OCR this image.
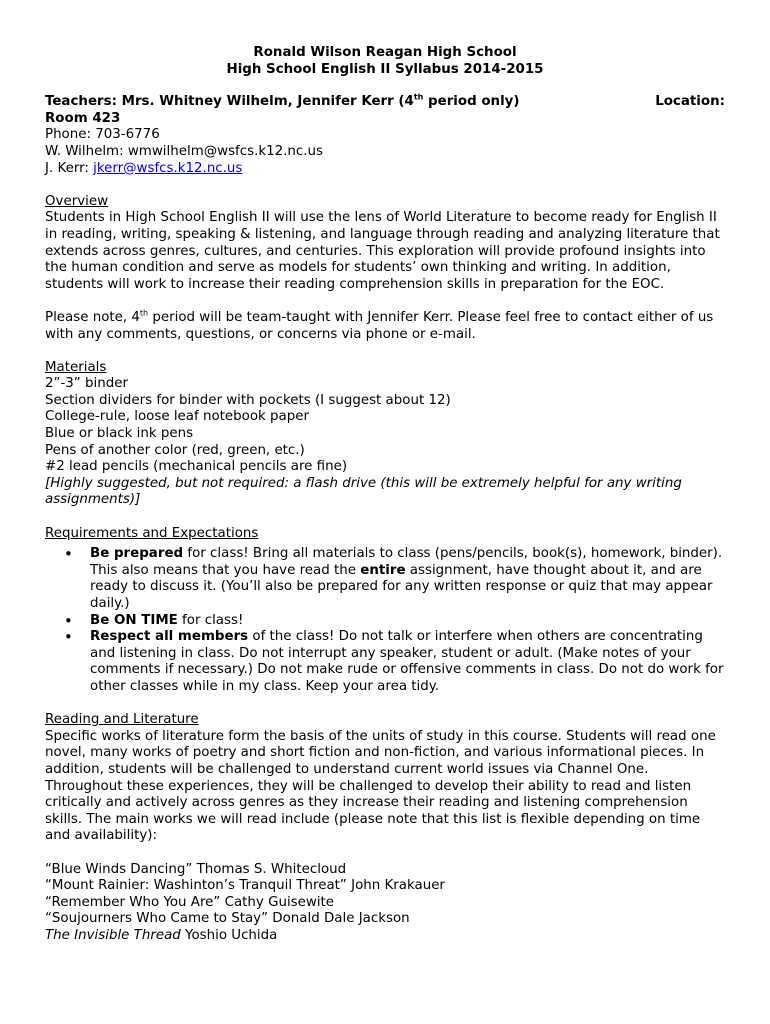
Ronald Wilson Reagan High School
High School English II Syllabus 2014-2015
Teachers: Mrs. Whitney Wilhelm, Jennifer Kerr (4th period only)	Location:
Room 423
Phone: 703-6776
W. Wilhelm: wmwilhelm@wsfcs.k12.nc.us
J. Kerr: jkerr@wsfcs.k12.nc.us
Overview

Students in High School English II will use the lens of World Literature to become ready for English II in reading, writing, speaking & listening, and language through reading and analyzing literature that extends across genres, cultures, and centuries. This exploration will provide profound insights into the human condition and serve as models for students’ own thinking and writing. In addition, students will work to increase their reading comprehension skills in preparation for the EOC.

Please note, 4th period will be team-taught with Jennifer Kerr. Please feel free to contact either of us with any comments, questions, or concerns via phone or e-mail.

Materials
2”-3” binder
Section dividers for binder with pockets (I suggest about 12)
College-rule, loose leaf notebook paper
Blue or black ink pens
Pens of another color (red, green, etc.)
#2 lead pencils (mechanical pencils are fine)
[Highly suggested, but not required: a flash drive (this will be extremely helpful for any writing assignments)]
Requirements and Expectations
• Be prepared for class! Bring all materials to class (pens/pencils, book(s), homework, binder). This also means that you have read the entire assignment, have thought about it, and are ready to discuss it. (You’ll also be prepared for any written response or quiz that may appear daily.)
• Be ON TIME for class!
• Respect all members of the class! Do not talk or interfere when others are concentrating and listening in class. Do not interrupt any speaker, student or adult. (Make notes of your comments if necessary.) Do not make rude or offensive comments in class. Do not do work for other classes while in my class. Keep your area tidy.
Reading and Literature

Specific works of literature form the basis of the units of study in this course. Students will read one novel, many works of poetry and short fiction and non-fiction, and various informational pieces. In addition, students will be challenged to understand current world issues via Channel One. Throughout these experiences, they will be challenged to develop their ability to read and listen critically and actively across genres as they increase their reading and listening comprehension skills. The main works we will read include (please note that this list is flexible depending on time and availability):

“Blue Winds Dancing” Thomas S. Whitecloud
“Mount Rainier: Washinton’s Tranquil Threat” John Krakauer
“Remember Who You Are” Cathy Guisewite
“Soujourners Who Came to Stay” Donald Dale Jackson
The Invisible Thread Yoshio Uchida
